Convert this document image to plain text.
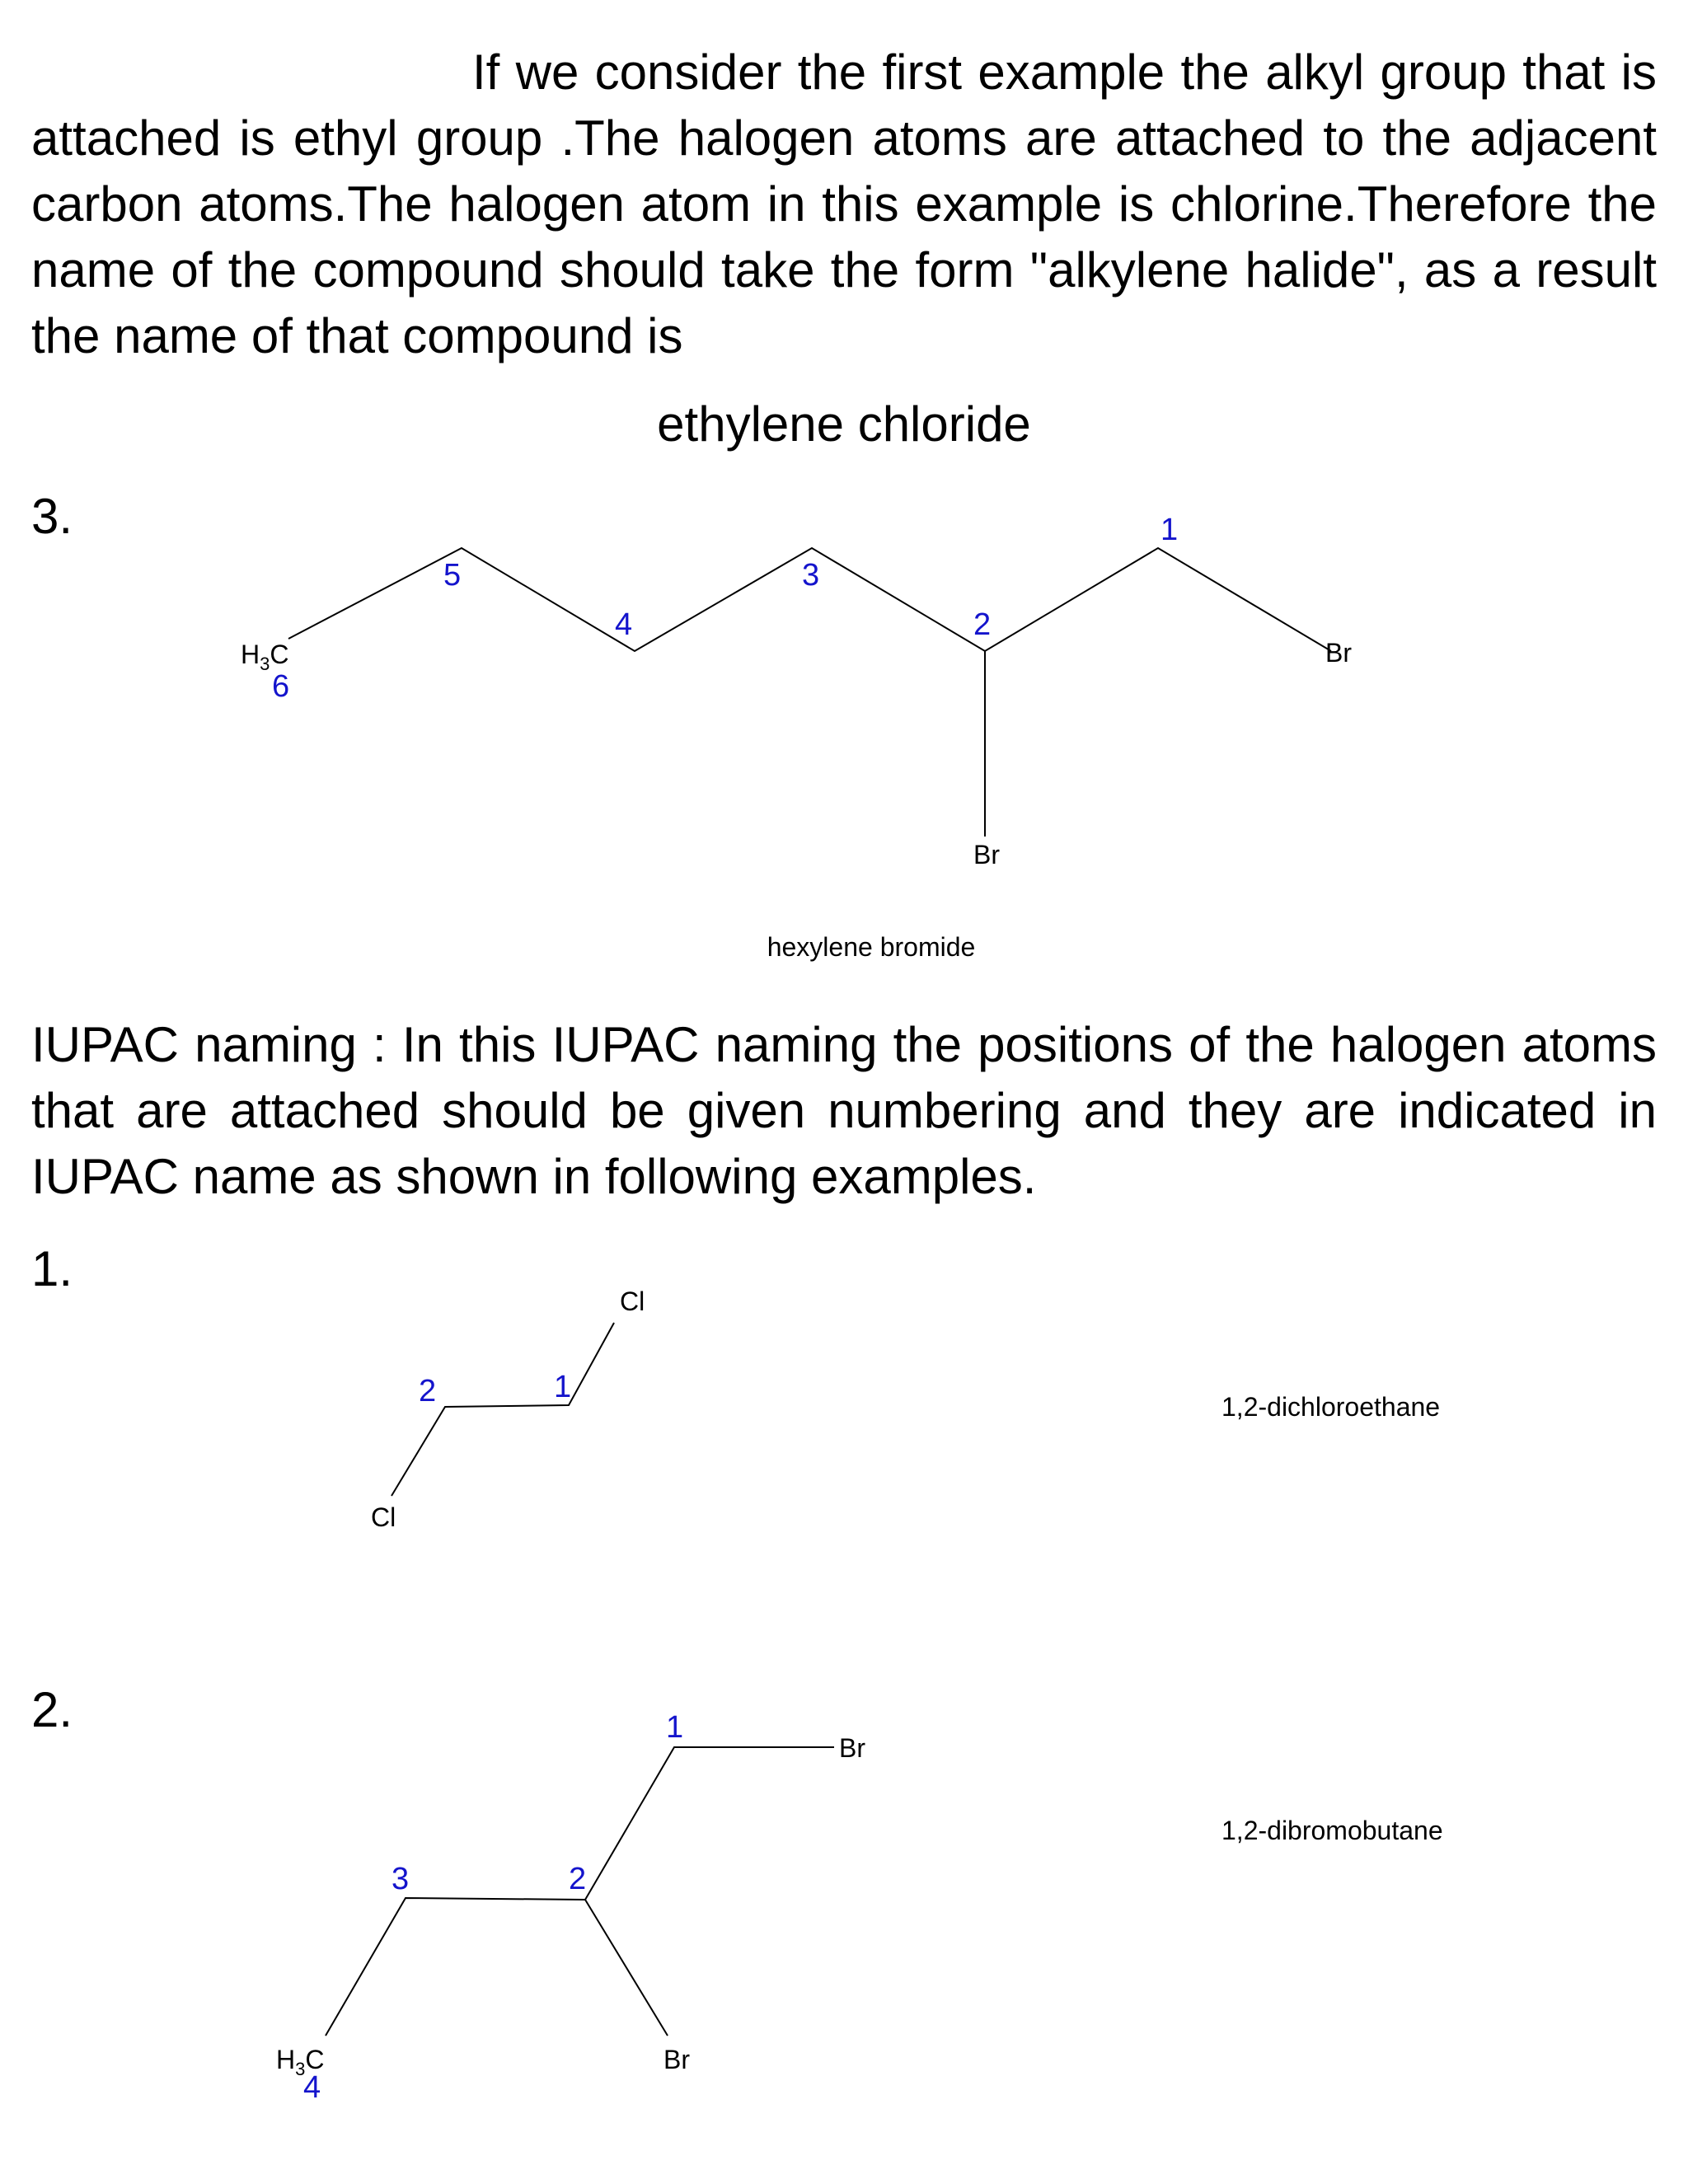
If we consider the first example the alkyl group that is attached is ethyl group .The halogen atoms are attached to the adjacent carbon atoms.The halogen atom in this example is chlorine.Therefore the name of the compound should take the form "alkylene halide", as a result the name of that compound is
ethylene chloride
3.
IUPAC naming : In this IUPAC naming the positions of the halogen atoms that are attached should be given numbering and they are indicated in IUPAC name as shown in following examples.
1.
2.
H3C	Br
Br
1
2
3
4
5
6
hexylene bromide
Cl
Cl
1
2	1,2-dichloroethane
Br
Br
H3C
1
2
3
4
1,2-dibromobutane
